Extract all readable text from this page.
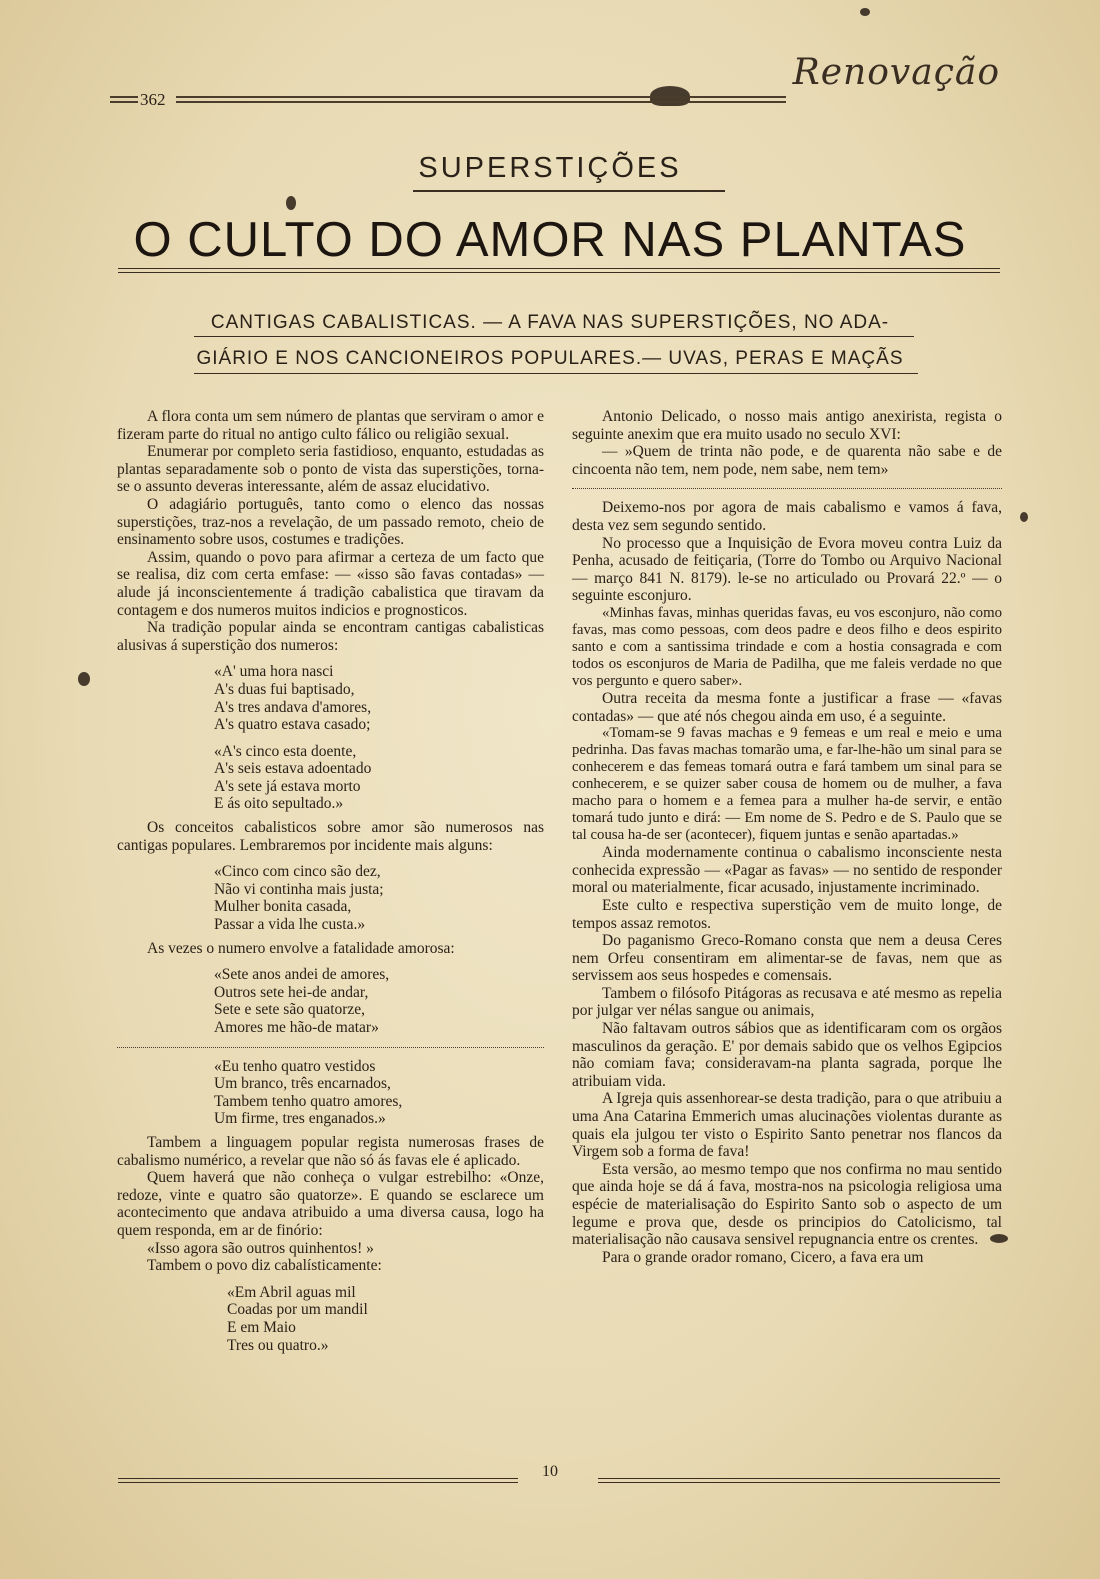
362
Renovação
SUPERSTIÇÕES
O CULTO DO AMOR NAS PLANTAS
CANTIGAS CABALISTICAS. — A FAVA NAS SUPERSTIÇÕES, NO ADA-
GIÁRIO E NOS CANCIONEIROS POPULARES.— UVAS, PERAS E MAÇÃS

A flora conta um sem número de plantas que serviram o amor e fizeram parte do ritual no antigo culto fálico ou religião sexual.

Enumerar por completo seria fastidioso, enquanto, estudadas as plantas separadamente sob o ponto de vista das superstições, torna-se o assunto deveras interessante, além de assaz elucidativo.

O adagiário português, tanto como o elenco das nossas superstições, traz-nos a revelação, de um passado remoto, cheio de ensinamento sobre usos, costumes e tradições.

Assim, quando o povo para afirmar a certeza de um facto que se realisa, diz com certa emfase: — «isso são favas contadas» — alude já inconscientemente á tradição cabalistica que tiravam da contagem e dos numeros muitos indicios e prognosticos.

Na tradição popular ainda se encontram cantigas cabalisticas alusivas á superstição dos numeros:

«A' uma hora nasci
A's duas fui baptisado,
A's tres andava d'amores,
A's quatro estava casado;
«A's cinco esta doente,
A's seis estava adoentado
A's sete já estava morto
E ás oito sepultado.»

Os conceitos cabalisticos sobre amor são numerosos nas cantigas populares. Lembraremos por incidente mais alguns:

«Cinco com cinco são dez,
Não vi continha mais justa;
Mulher bonita casada,
Passar a vida lhe custa.»

As vezes o numero envolve a fatalidade amorosa:

«Sete anos andei de amores,
Outros sete hei-de andar,
Sete e sete são quatorze,
Amores me hão-de matar»
«Eu tenho quatro vestidos
Um branco, três encarnados,
Tambem tenho quatro amores,
Um firme, tres enganados.»

Tambem a linguagem popular regista numerosas frases de cabalismo numérico, a revelar que não só ás favas ele é aplicado.

Quem haverá que não conheça o vulgar estrebilho: «Onze, redoze, vinte e quatro são quatorze». E quando se esclarece um acontecimento que andava atribuido a uma diversa causa, logo ha quem responda, em ar de finório:

«Isso agora são outros quinhentos! »

Tambem o povo diz cabalísticamente:

«Em Abril aguas mil
Coadas por um mandil
E em Maio
Tres ou quatro.»

Antonio Delicado, o nosso mais antigo anexirista, regista o seguinte anexim que era muito usado no seculo XVI:

— »Quem de trinta não pode, e de quarenta não sabe e de cincoenta não tem, nem pode, nem sabe, nem tem»

Deixemo-nos por agora de mais cabalismo e vamos á fava, desta vez sem segundo sentido.

No processo que a Inquisição de Evora moveu contra Luiz da Penha, acusado de feitiçaria, (Torre do Tombo ou Arquivo Nacional — março 841 N. 8179). le-se no articulado ou Provará 22.º — o seguinte esconjuro.

«Minhas favas, minhas queridas favas, eu vos esconjuro, não como favas, mas como pessoas, com deos padre e deos filho e deos espirito santo e com a santissima trindade e com a hostia consagrada e com todos os esconjuros de Maria de Padilha, que me faleis verdade no que vos pergunto e quero saber».

Outra receita da mesma fonte a justificar a frase — «favas contadas» — que até nós chegou ainda em uso, é a seguinte.

«Tomam-se 9 favas machas e 9 femeas e um real e meio e uma pedrinha. Das favas machas tomarão uma, e far-lhe-hão um sinal para se conhecerem e das femeas tomará outra e fará tambem um sinal para se conhecerem, e se quizer saber cousa de homem ou de mulher, a fava macho para o homem e a femea para a mulher ha-de servir, e então tomará tudo junto e dirá: — Em nome de S. Pedro e de S. Paulo que se tal cousa ha-de ser (acontecer), fiquem juntas e senão apartadas.»

Ainda modernamente continua o cabalismo inconsciente nesta conhecida expressão — «Pagar as favas» — no sentido de responder moral ou materialmente, ficar acusado, injustamente incriminado.

Este culto e respectiva superstição vem de muito longe, de tempos assaz remotos.

Do paganismo Greco-Romano consta que nem a deusa Ceres nem Orfeu consentiram em alimentar-se de favas, nem que as servissem aos seus hospedes e comensais.

Tambem o filósofo Pitágoras as recusava e até mesmo as repelia por julgar ver nélas sangue ou animais,

Não faltavam outros sábios que as identificaram com os orgãos masculinos da geração. E' por demais sabido que os velhos Egipcios não comiam fava; consideravam-na planta sagrada, porque lhe atribuiam vida.

A Igreja quis assenhorear-se desta tradição, para o que atribuiu a uma Ana Catarina Emmerich umas alucinações violentas durante as quais ela julgou ter visto o Espirito Santo penetrar nos flancos da Virgem sob a forma de fava!

Esta versão, ao mesmo tempo que nos confirma no mau sentido que ainda hoje se dá á fava, mostra-nos na psicologia religiosa uma espécie de materialisação do Espirito Santo sob o aspecto de um legume e prova que, desde os principios do Catolicismo, tal materialisação não causava sensivel repugnancia entre os crentes.

Para o grande orador romano, Cicero, a fava era um

10
